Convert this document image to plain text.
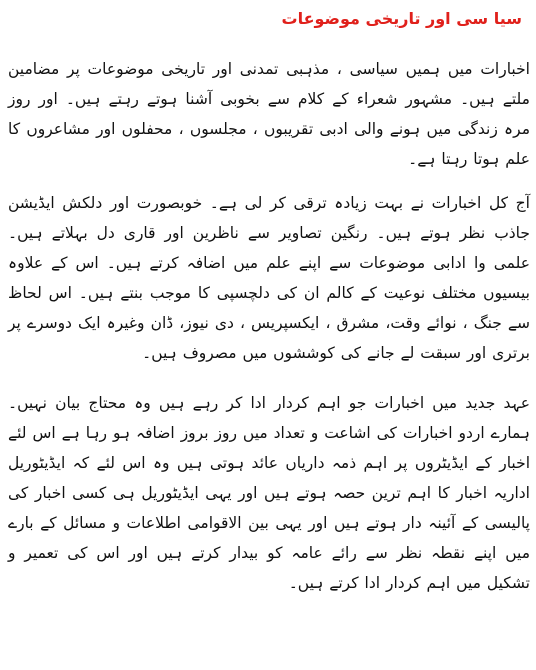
سیا سی اور تاریخی موضوعات

اخبارات میں ہمیں سیاسی ، مذہبی تمدنی اور تاریخی موضوعات پر مضامین ملتے ہیں۔ مشہور شعراء کے کلام سے بخوبی آشنا ہوتے رہتے ہیں۔ اور روز مرہ زندگی میں ہونے والی ادبی تقریبوں ، مجلسوں ، محفلوں اور مشاعروں کا علم ہوتا رہتا ہے۔

آج کل اخبارات نے بہت زیادہ ترقی کر لی ہے۔ خوبصورت اور دلکش ایڈیشن جاذب نظر ہوتے ہیں۔ رنگین تصاویر سے ناظرین اور قاری دل بہلاتے ہیں۔ علمی وا ادابی موضوعات سے اپنے علم میں اضافہ کرتے ہیں۔ اس کے علاوہ بیسیوں مختلف نوعیت کے کالم ان کی دلچسپی کا موجب بنتے ہیں۔ اس لحاظ سے جنگ ، نوائے وقت، مشرق ، ایکسپریس ، دی نیوز، ڈان وغیرہ ایک دوسرے پر برتری اور سبقت لے جانے کی کوششوں میں مصروف ہیں۔

عہد جدید میں اخبارات جو اہم کردار ادا کر رہے ہیں وہ محتاج بیان نہیں۔ ہمارے اردو اخبارات کی اشاعت و تعداد میں روز بروز اضافہ ہو رہا ہے اس لئے اخبار کے ایڈیٹروں پر اہم ذمہ داریاں عائد ہوتی ہیں وہ اس لئے کہ ایڈیٹوریل اداریہ اخبار کا اہم ترین حصہ ہوتے ہیں اور یہی ایڈیٹوریل ہی کسی اخبار کی پالیسی کے آئینہ دار ہوتے ہیں اور یہی بین الاقوامی اطلاعات و مسائل کے بارے میں اپنے نقطہ نظر سے رائے عامہ کو بیدار کرتے ہیں اور اس کی تعمیر و تشکیل میں اہم کردار ادا کرتے ہیں۔
